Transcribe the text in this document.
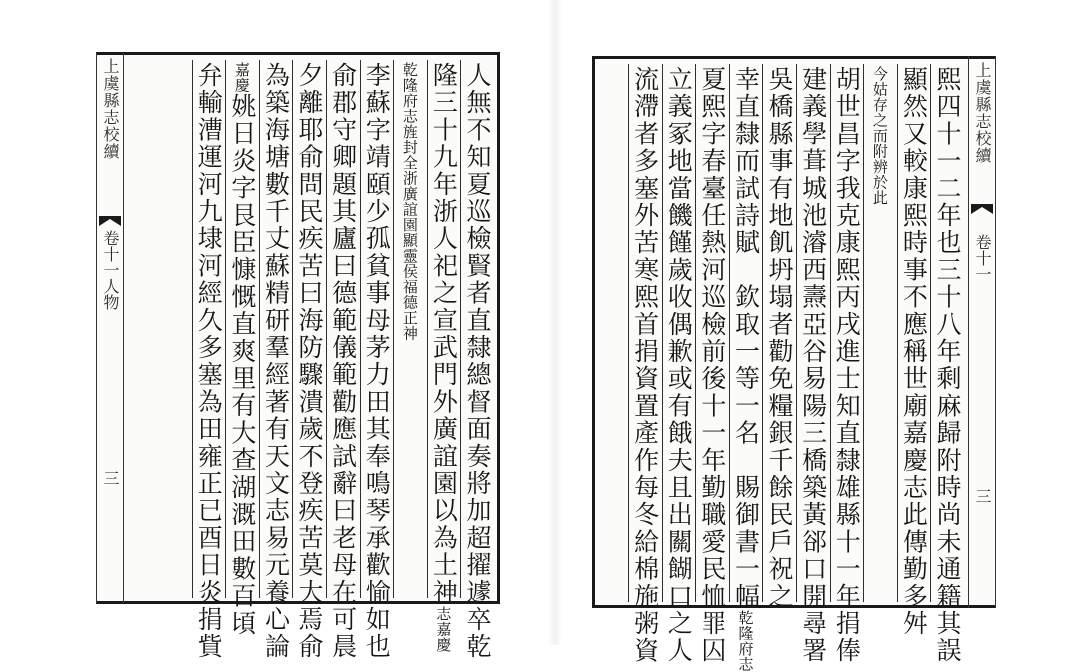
上虞縣志校續
卷十一人物
三	人無不知夏巡檢賢者直隸總督面奏將加超擢遽卒乾
隆三十九年浙人祀之宣武門外廣誼園以為土神志嘉慶
乾隆府志旌封全浙廣誼園顯靈侯福德正神
李蘇字靖頤少孤貧事母茅力田其奉鳴琴承歡愉如也
俞郡守卿題其廬曰德範儀範勸應試辭曰老母在可晨
夕離耶俞問民疾苦曰海防驟潰歲不登疾苦莫大焉俞
為築海塘數千丈蘇精研羣經著有天文志易元養心論
嘉慶姚日炎字艮臣慷慨直爽里有大查湖溉田數百頃
弁輸漕運河九埭河經久多塞為田雍正已酉日炎捐貲	上虞縣志校續
卷十一
三
熙四十一二年也三十八年剩麻歸附時尚未通籍其誤
顯然又較康熙時事不應稱世廟嘉慶志此傳勤多舛
今姑存之而附辨於此
胡世昌字我克康熙丙戌進士知直隸雄縣十一年捐俸
建義學葺城池濬西燾亞谷易陽三橋築黃郤口開尋署
吳橋縣事有地飢坍塌者勸免糧銀千餘民戶祝之
幸直隸而試詩賦　欽取一等一名　賜御書一幅乾隆府志
夏熙字春臺任熱河巡檢前後十一年勤職愛民恤罪囚
立義冢地當饑饉歲收偶歉或有餓夫且出關餬口之人
流滯者多塞外苦寒熙首捐資置產作每冬給棉施粥資
